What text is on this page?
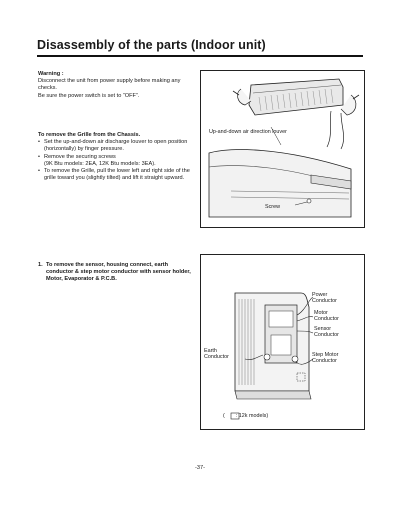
Disassembly of the parts (Indoor unit)
Warning :
Disconnect the unit from power supply before making any checks.
Be sure the power switch is set to “OFF”.
To remove the Grille from the Chassis.
• Set the up-and-down air discharge louver to open position (horizontally) by finger pressure.
• Remove the securing screws
(9K Btu models: 2EA, 12K Btu models: 3EA).
• To remove the Grille, pull the lower left and right side of the grille toward you (slightly tilted) and lift it straight upward.
Up-and-down air direction louver
Screw
1. To remove the sensor, housing connect, earth conductor & step motor conductor with sensor holder, Motor, Evaporator & P.C.B.
Power Conductor
Motor Conductor
Sensor Conductor
Earth Conductor	Step Motor Conductor
( : 12k models)
-37-
